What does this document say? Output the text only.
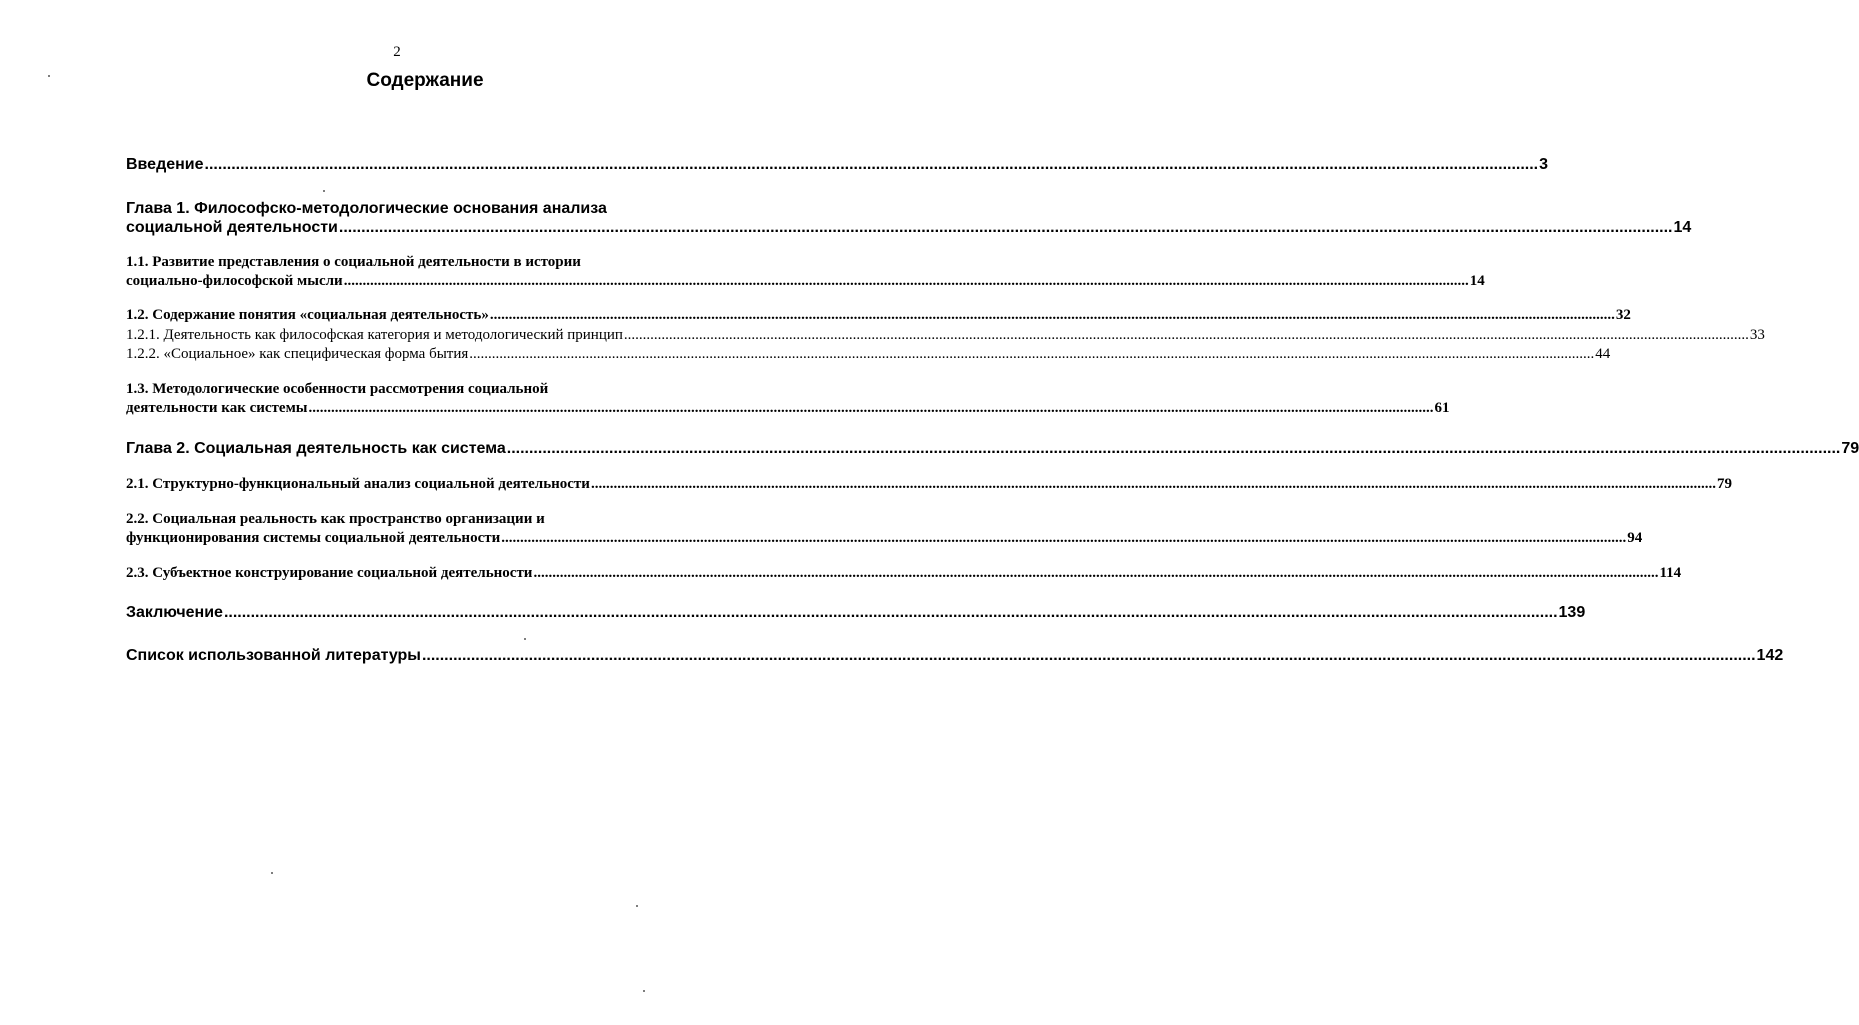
2
Содержание
Введение ............................................................................................................................................................................................................................................................................................................ 3
Глава 1. Философско-методологические основания анализа
социальной деятельности ............................................................................................................................................................................................................................................................................................................ 14
1.1. Развитие представления о социальной деятельности в истории
социально-философской мысли ............................................................................................................................................................................................................................................................................................................ 14
1.2. Содержание понятия «социальная деятельность» ............................................................................................................................................................................................................................................................................................................ 32
1.2.1. Деятельность как философская категория и методологический принцип ............................................................................................................................................................................................................................................................................................................ 33
1.2.2. «Социальное» как специфическая форма бытия ............................................................................................................................................................................................................................................................................................................ 44
1.3. Методологические особенности рассмотрения социальной
деятельности как системы ............................................................................................................................................................................................................................................................................................................ 61
Глава 2. Социальная деятельность как система ............................................................................................................................................................................................................................................................................................................ 79
2.1. Структурно-функциональный анализ социальной деятельности ............................................................................................................................................................................................................................................................................................................ 79
2.2. Социальная реальность как пространство организации и
функционирования системы социальной деятельности ............................................................................................................................................................................................................................................................................................................ 94
2.3. Субъектное конструирование социальной деятельности ............................................................................................................................................................................................................................................................................................................ 114
Заключение ............................................................................................................................................................................................................................................................................................................ 139
Список использованной литературы ............................................................................................................................................................................................................................................................................................................ 142
